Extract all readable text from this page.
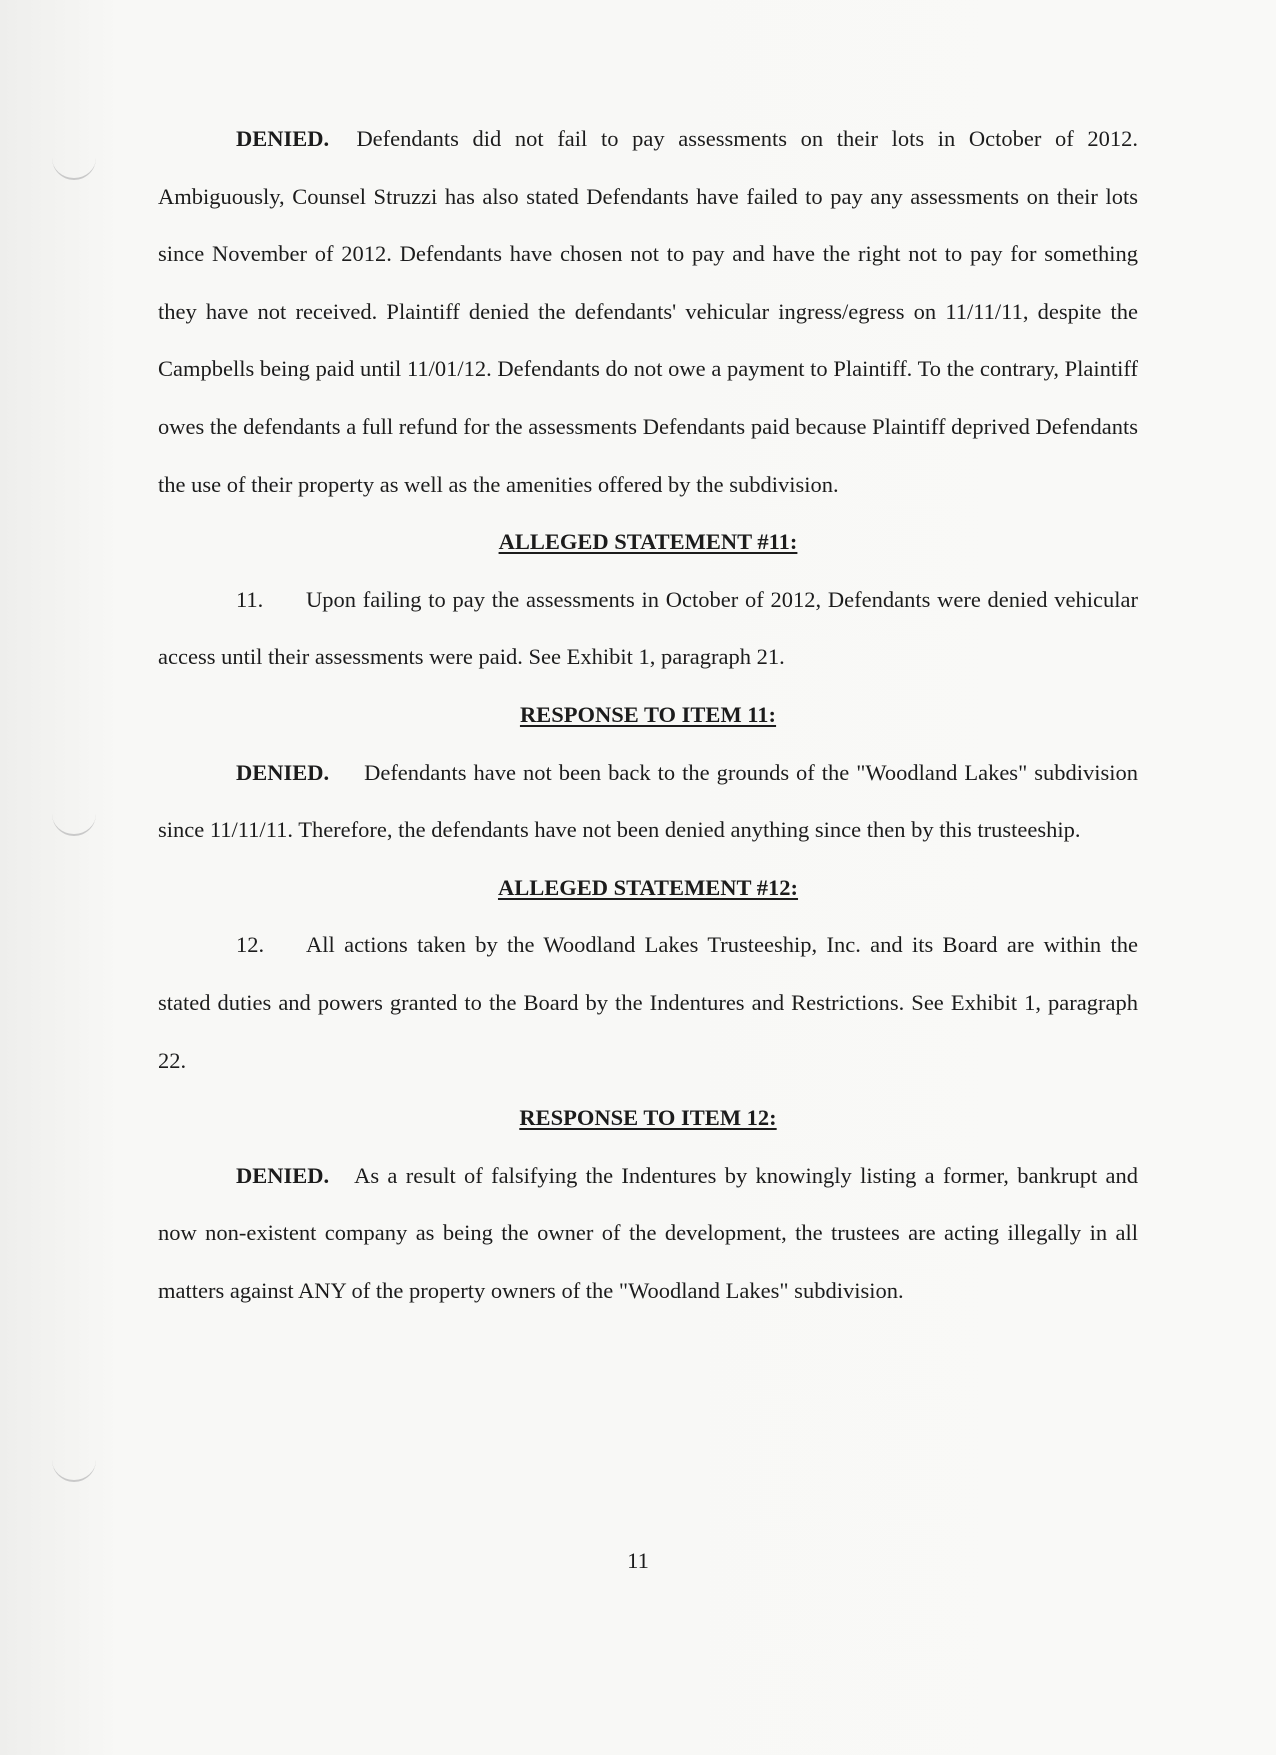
DENIED. Defendants did not fail to pay assessments on their lots in October of 2012. Ambiguously, Counsel Struzzi has also stated Defendants have failed to pay any assessments on their lots since November of 2012. Defendants have chosen not to pay and have the right not to pay for something they have not received. Plaintiff denied the defendants' vehicular ingress/egress on 11/11/11, despite the Campbells being paid until 11/01/12. Defendants do not owe a payment to Plaintiff. To the contrary, Plaintiff owes the defendants a full refund for the assessments Defendants paid because Plaintiff deprived Defendants the use of their property as well as the amenities offered by the subdivision.

ALLEGED STATEMENT #11:

11. Upon failing to pay the assessments in October of 2012, Defendants were denied vehicular access until their assessments were paid. See Exhibit 1, paragraph 21.

RESPONSE TO ITEM 11:

DENIED. Defendants have not been back to the grounds of the "Woodland Lakes" subdivision since 11/11/11. Therefore, the defendants have not been denied anything since then by this trusteeship.

ALLEGED STATEMENT #12:

12. All actions taken by the Woodland Lakes Trusteeship, Inc. and its Board are within the stated duties and powers granted to the Board by the Indentures and Restrictions. See Exhibit 1, paragraph 22.

RESPONSE TO ITEM 12:

DENIED. As a result of falsifying the Indentures by knowingly listing a former, bankrupt and now non-existent company as being the owner of the development, the trustees are acting illegally in all matters against ANY of the property owners of the "Woodland Lakes" subdivision.

11
